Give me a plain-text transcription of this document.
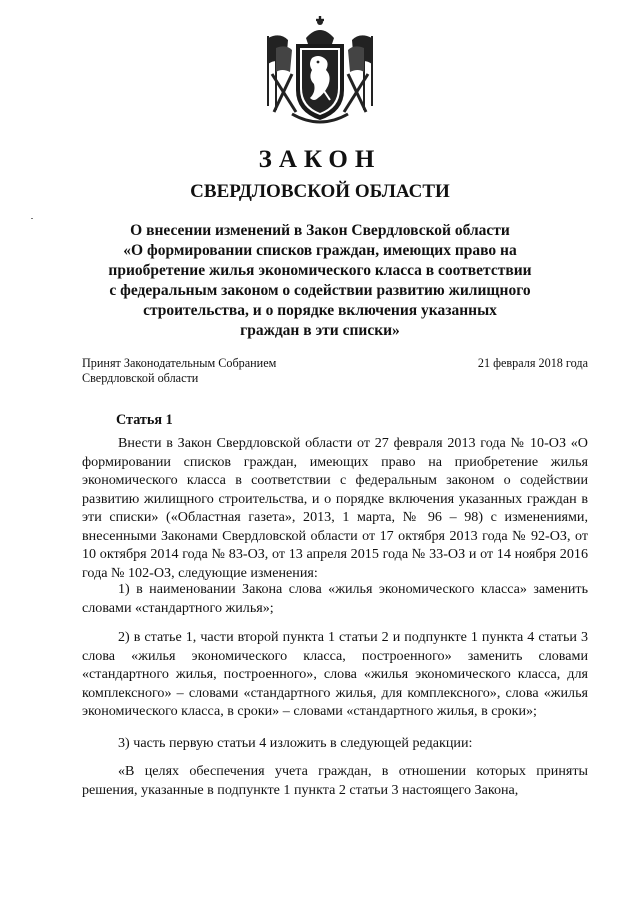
ЗАКОН
СВЕРДЛОВСКОЙ ОБЛАСТИ

О внесении изменений в Закон Свердловской области

«О формировании списков граждан, имеющих право на

приобретение жилья экономического класса в соответствии

с федеральным законом о содействии развитию жилищного

строительства, и о порядке включения указанных

граждан в эти списки»

Принят Законодательным Собранием
Свердловской области

21 февраля 2018 года

Статья 1

Внести в Закон Свердловской области от 27 февраля 2013 года № 10-ОЗ «О формировании списков граждан, имеющих право на приобретение жилья экономического класса в соответствии с федеральным законом о содействии развитию жилищного строительства, и о порядке включения указанных граждан в эти списки» («Областная газета», 2013, 1 марта, № 96 – 98) с изменениями, внесенными Законами Свердловской области от 17 октября 2013 года № 92-ОЗ, от 10 октября 2014 года № 83-ОЗ, от 13 апреля 2015 года № 33-ОЗ и от 14 ноября 2016 года № 102-ОЗ, следующие изменения:

1) в наименовании Закона слова «жилья экономического класса» заменить словами «стандартного жилья»;

2) в статье 1, части второй пункта 1 статьи 2 и подпункте 1 пункта 4 статьи 3 слова «жилья экономического класса, построенного» заменить словами «стандартного жилья, построенного», слова «жилья экономического класса, для комплексного» – словами «стандартного жилья, для комплексного», слова «жилья экономического класса, в сроки» – словами «стандартного жилья, в сроки»;

3) часть первую статьи 4 изложить в следующей редакции:

«В целях обеспечения учета граждан, в отношении которых приняты решения, указанные в подпункте 1 пункта 2 статьи 3 настоящего Закона,
